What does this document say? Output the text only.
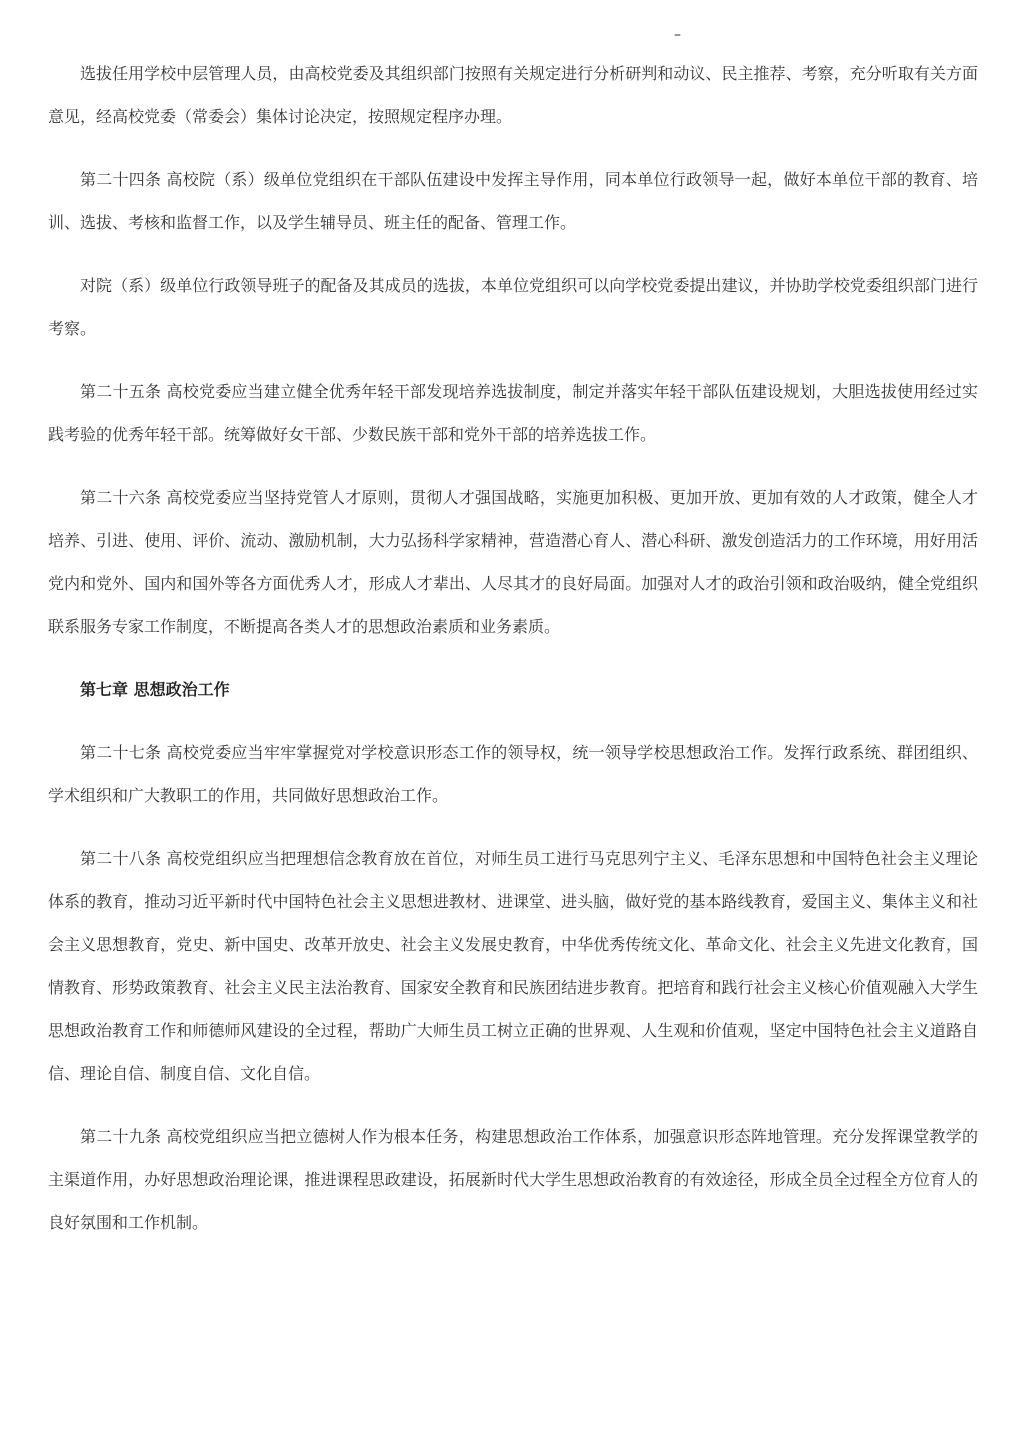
–

选拔任用学校中层管理人员，由高校党委及其组织部门按照有关规定进行分析研判和动议、民主推荐、考察，充分听取有关方面意见，经高校党委（常委会）集体讨论决定，按照规定程序办理。

第二十四条 高校院（系）级单位党组织在干部队伍建设中发挥主导作用，同本单位行政领导一起，做好本单位干部的教育、培训、选拔、考核和监督工作，以及学生辅导员、班主任的配备、管理工作。

对院（系）级单位行政领导班子的配备及其成员的选拔，本单位党组织可以向学校党委提出建议，并协助学校党委组织部门进行考察。

第二十五条 高校党委应当建立健全优秀年轻干部发现培养选拔制度，制定并落实年轻干部队伍建设规划，大胆选拔使用经过实践考验的优秀年轻干部。统筹做好女干部、少数民族干部和党外干部的培养选拔工作。

第二十六条 高校党委应当坚持党管人才原则，贯彻人才强国战略，实施更加积极、更加开放、更加有效的人才政策，健全人才培养、引进、使用、评价、流动、激励机制，大力弘扬科学家精神，营造潜心育人、潜心科研、激发创造活力的工作环境，用好用活党内和党外、国内和国外等各方面优秀人才，形成人才辈出、人尽其才的良好局面。加强对人才的政治引领和政治吸纳，健全党组织联系服务专家工作制度，不断提高各类人才的思想政治素质和业务素质。

第七章 思想政治工作

第二十七条 高校党委应当牢牢掌握党对学校意识形态工作的领导权，统一领导学校思想政治工作。发挥行政系统、群团组织、学术组织和广大教职工的作用，共同做好思想政治工作。

第二十八条 高校党组织应当把理想信念教育放在首位，对师生员工进行马克思列宁主义、毛泽东思想和中国特色社会主义理论体系的教育，推动习近平新时代中国特色社会主义思想进教材、进课堂、进头脑，做好党的基本路线教育，爱国主义、集体主义和社会主义思想教育，党史、新中国史、改革开放史、社会主义发展史教育，中华优秀传统文化、革命文化、社会主义先进文化教育，国情教育、形势政策教育、社会主义民主法治教育、国家安全教育和民族团结进步教育。把培育和践行社会主义核心价值观融入大学生思想政治教育工作和师德师风建设的全过程，帮助广大师生员工树立正确的世界观、人生观和价值观，坚定中国特色社会主义道路自信、理论自信、制度自信、文化自信。

第二十九条 高校党组织应当把立德树人作为根本任务，构建思想政治工作体系，加强意识形态阵地管理。充分发挥课堂教学的主渠道作用，办好思想政治理论课，推进课程思政建设，拓展新时代大学生思想政治教育的有效途径，形成全员全过程全方位育人的良好氛围和工作机制。
